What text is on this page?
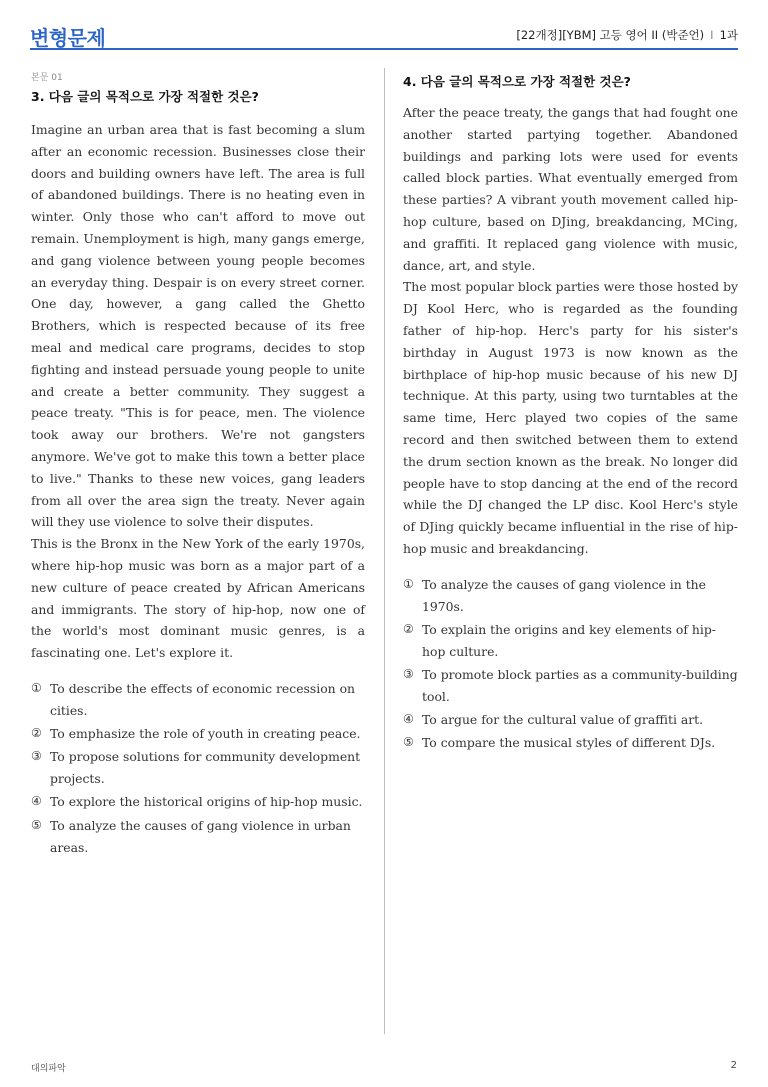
변형문제	[22개정][YBM] 고등 영어 II (박준언) I 1과
본문 01
3. 다음 글의 목적으로 가장 적절한 것은?

Imagine an urban area that is fast becoming a slum after an economic recession. Businesses close their doors and building owners have left. The area is full of abandoned buildings. There is no heating even in winter. Only those who can't afford to move out remain. Unemployment is high, many gangs emerge, and gang violence between young people becomes an everyday thing. Despair is on every street corner. One day, however, a gang called the Ghetto Brothers, which is respected because of its free meal and medical care programs, decides to stop fighting and instead persuade young people to unite and create a better community. They suggest a peace treaty. "This is for peace, men. The violence took away our brothers. We're not gangsters anymore. We've got to make this town a better place to live." Thanks to these new voices, gang leaders from all over the area sign the treaty. Never again will they use violence to solve their disputes.

This is the Bronx in the New York of the early 1970s, where hip-hop music was born as a major part of a new culture of peace created by African Americans and immigrants. The story of hip-hop, now one of the world's most dominant music genres, is a fascinating one. Let's explore it.

① To describe the effects of economic recession on cities.
② To emphasize the role of youth in creating peace.
③ To propose solutions for community development projects.
④ To explore the historical origins of hip-hop music.
⑤ To analyze the causes of gang violence in urban areas.
4. 다음 글의 목적으로 가장 적절한 것은?

After the peace treaty, the gangs that had fought one another started partying together. Abandoned buildings and parking lots were used for events called block parties. What eventually emerged from these parties? A vibrant youth movement called hip-hop culture, based on DJing, breakdancing, MCing, and graffiti. It replaced gang violence with music, dance, art, and style.

The most popular block parties were those hosted by DJ Kool Herc, who is regarded as the founding father of hip-hop. Herc's party for his sister's birthday in August 1973 is now known as the birthplace of hip-hop music because of his new DJ technique. At this party, using two turntables at the same time, Herc played two copies of the same record and then switched between them to extend the drum section known as the break. No longer did people have to stop dancing at the end of the record while the DJ changed the LP disc. Kool Herc's style of DJing quickly became influential in the rise of hip-hop music and breakdancing.

① To analyze the causes of gang violence in the 1970s.
② To explain the origins and key elements of hip-hop culture.
③ To promote block parties as a community-building tool.
④ To argue for the cultural value of graffiti art.
⑤ To compare the musical styles of different DJs.
대의파악	2
